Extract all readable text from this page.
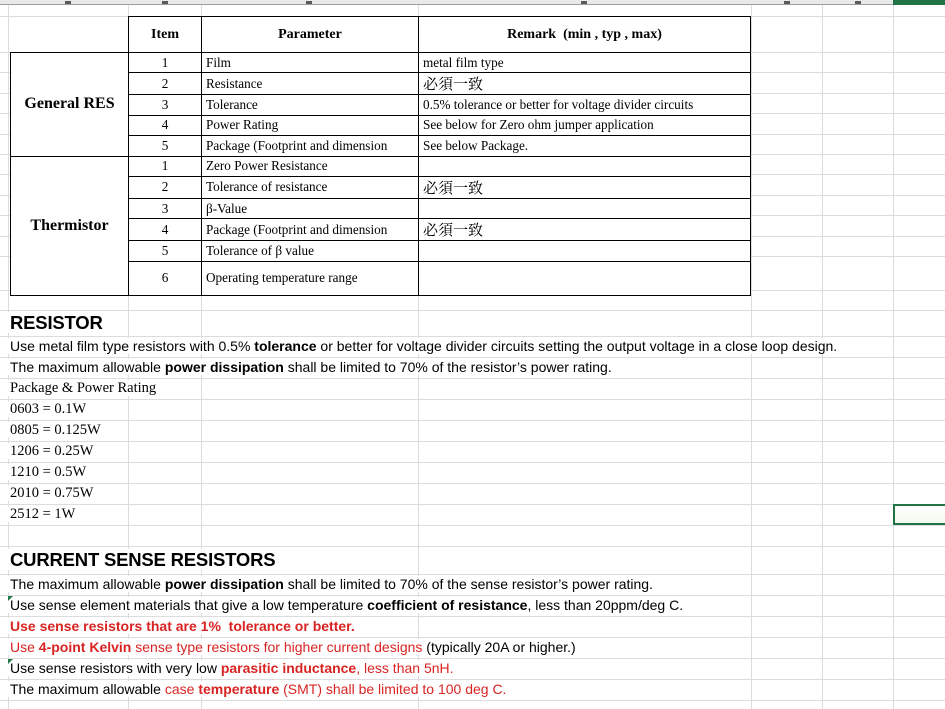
	Item	Parameter	Remark  (min , typ , max)
General RES	1	Film	metal film type
	2	Resistance	必須一致
	3	Tolerance	0.5% tolerance or better for voltage divider circuits
	4	Power Rating	See below for Zero ohm jumper application
	5	Package (Footprint and dimension	See below Package.
Thermistor	1	Zero Power Resistance	
	2	Tolerance of resistance	必須一致
	3	β-Value	
	4	Package (Footprint and dimension	必須一致
	5	Tolerance of β value	
	6	Operating temperature range	
RESISTOR
Use metal film type resistors with 0.5% tolerance or better for voltage divider circuits setting the output voltage in a close loop design.
The maximum allowable power dissipation shall be limited to 70% of the resistor’s power rating.
Package & Power Rating
0603 = 0.1W
0805 = 0.125W
1206 = 0.25W
1210 = 0.5W
2010 = 0.75W
2512 = 1W
CURRENT SENSE RESISTORS
The maximum allowable power dissipation shall be limited to 70% of the sense resistor’s power rating.
Use sense element materials that give a low temperature coefficient of resistance, less than 20ppm/deg C.
Use sense resistors that are 1%  tolerance or better.
Use 4-point Kelvin sense type resistors for higher current designs (typically 20A or higher.)
Use sense resistors with very low parasitic inductance, less than 5nH.
The maximum allowable case temperature (SMT) shall be limited to 100 deg C.
